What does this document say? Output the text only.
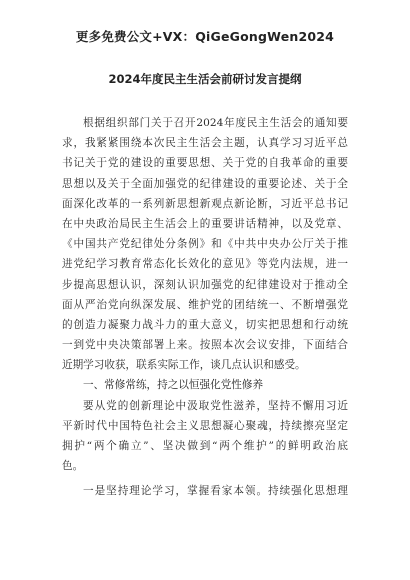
更多免费公文+VX：QiGeGongWen2024
2024年度民主生活会前研讨发言提纲
根据组织部门关于召开2024年度民主生活会的通知要
求，我紧紧围绕本次民主生活会主题，认真学习习近平总
书记关于党的建设的重要思想、关于党的自我革命的重要
思想以及关于全面加强党的纪律建设的重要论述、关于全
面深化改革的一系列新思想新观点新论断，习近平总书记
在中央政治局民主生活会上的重要讲话精神，以及党章、
《中国共产党纪律处分条例》和《中共中央办公厅关于推
进党纪学习教育常态化长效化的意见》等党内法规，进一
步提高思想认识，深刻认识加强党的纪律建设对于推动全
面从严治党向纵深发展、维护党的团结统一、不断增强党
的创造力凝聚力战斗力的重大意义，切实把思想和行动统
一到党中央决策部署上来。按照本次会议安排，下面结合
近期学习收获，联系实际工作，谈几点认识和感受。
一、常修常练，持之以恒强化党性修养
要从党的创新理论中汲取党性滋养，坚持不懈用习近
平新时代中国特色社会主义思想凝心聚魂，持续擦亮坚定
拥护“两个确立”、坚决做到“两个维护”的鲜明政治底
色。
一是坚持理论学习，掌握看家本领。持续强化思想理
